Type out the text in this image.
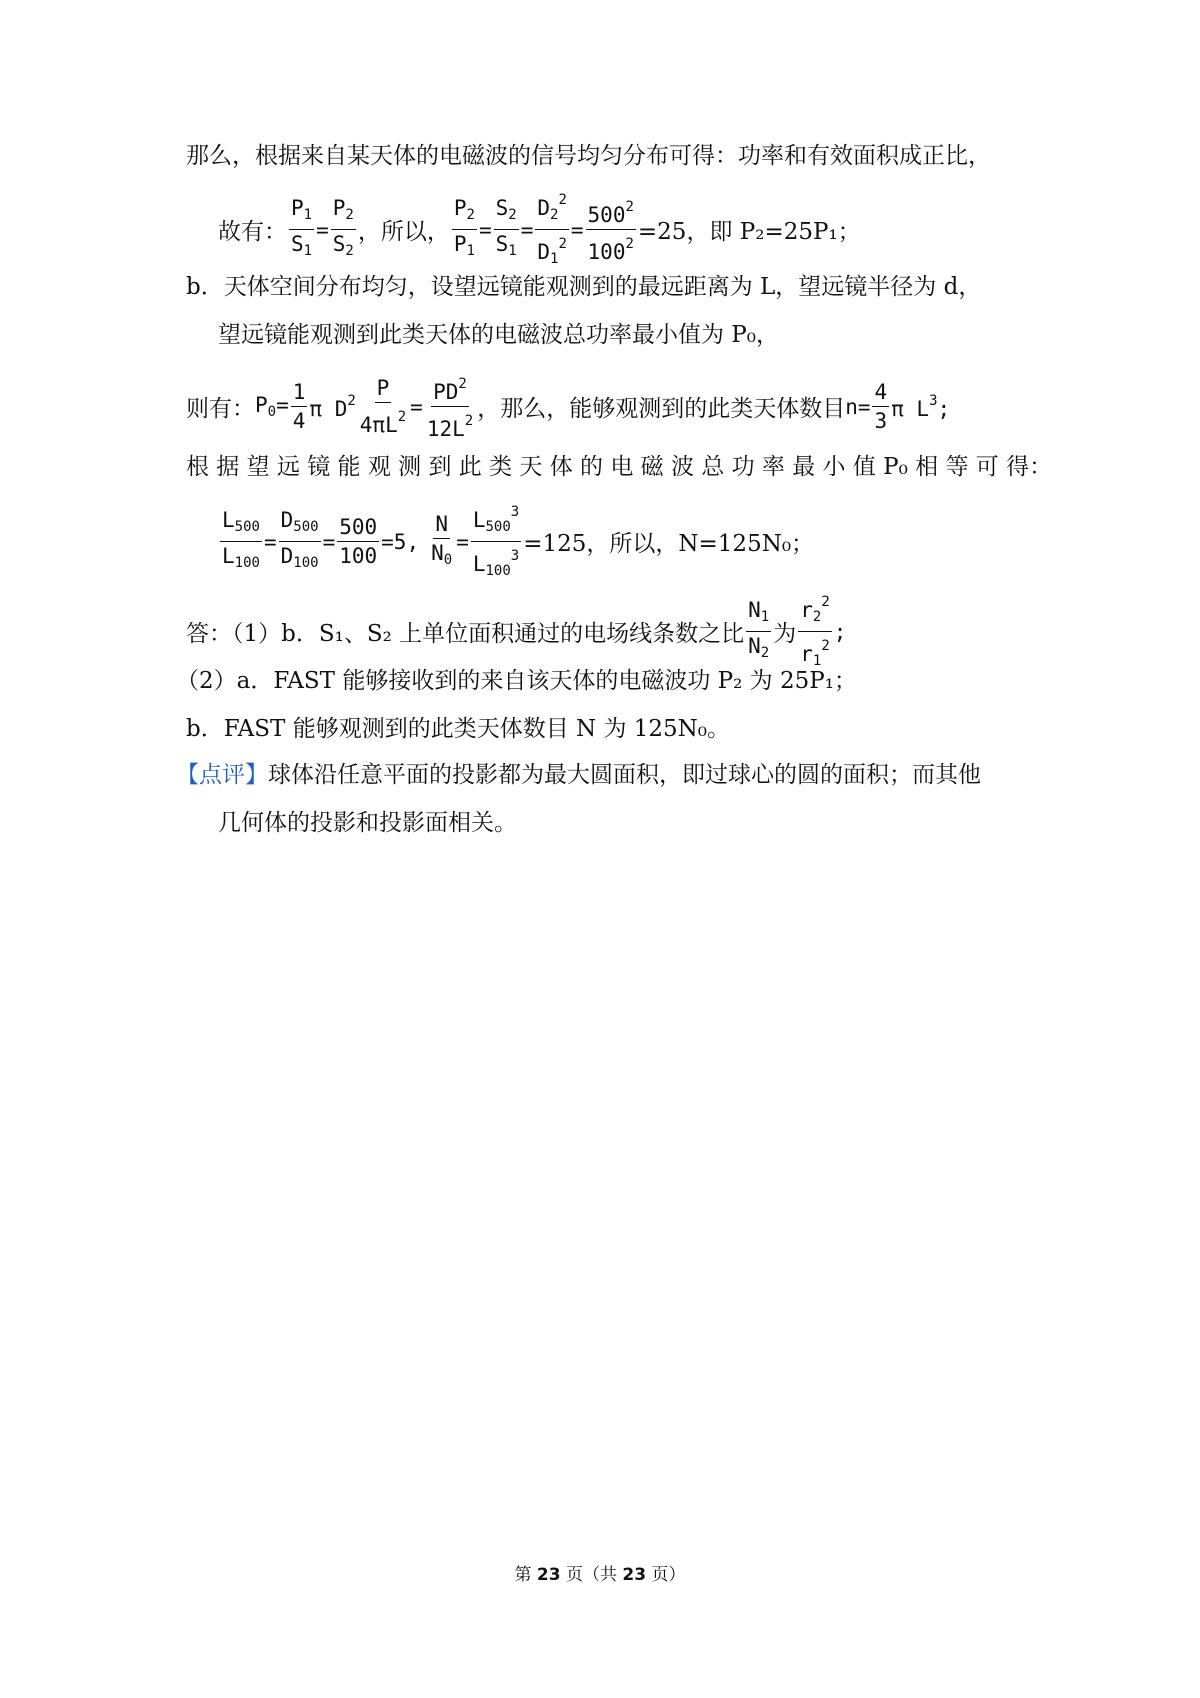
那么，根据来自某天体的电磁波的信号均匀分布可得：功率和有效面积成正比，
故有： $\frac{P_1}{S_1} = \frac{P_2}{S_2}$ ，所以， $\frac{P_2}{P_1} = \frac{S_2}{S_1} = \frac{D_2^2}{D_1^2} = \frac{500^2}{100^2} =25$，即 P₂=25P₁；
b．天体空间分布均匀，设望远镜能观测到的最远距离为 L，望远镜半径为 d，
望远镜能观测到此类天体的电磁波总功率最小值为 P₀，
则有： $P_0= \frac{1}{4}$ π $D^2 \frac{P}{4\pi L^2} = \frac{PD^2}{12L^2}$ ，那么，能够观测到的此类天体数目 $n= \frac{4}{3}$ π $L^3$;
根 据 望 远 镜 能 观 测 到 此 类 天 体 的 电 磁 波 总 功 率 最 小 值 P₀ 相 等 可 得：
$\frac{L_{500}}{L_{100}} = \frac{D_{500}}{D_{100}} = \frac{500}{100} =5$, $\frac{N}{N_0} = \frac{L_{500}^3}{L_{100}^3} =125$，所以，N=125N₀；
答：（1）b．S₁、S₂ 上单位面积通过的电场线条数之比 $\frac{N_1}{N_2}$ 为 $\frac{r_2^2}{r_1^2}$ ;
（2）a．FAST 能够接收到的来自该天体的电磁波功 P₂ 为 25P₁；
b．FAST 能够观测到的此类天体数目 N 为 125N₀。
【点评】球体沿任意平面的投影都为最大圆面积，即过球心的圆的面积；而其他
几何体的投影和投影面相关。
第 23 页（共 23 页）
